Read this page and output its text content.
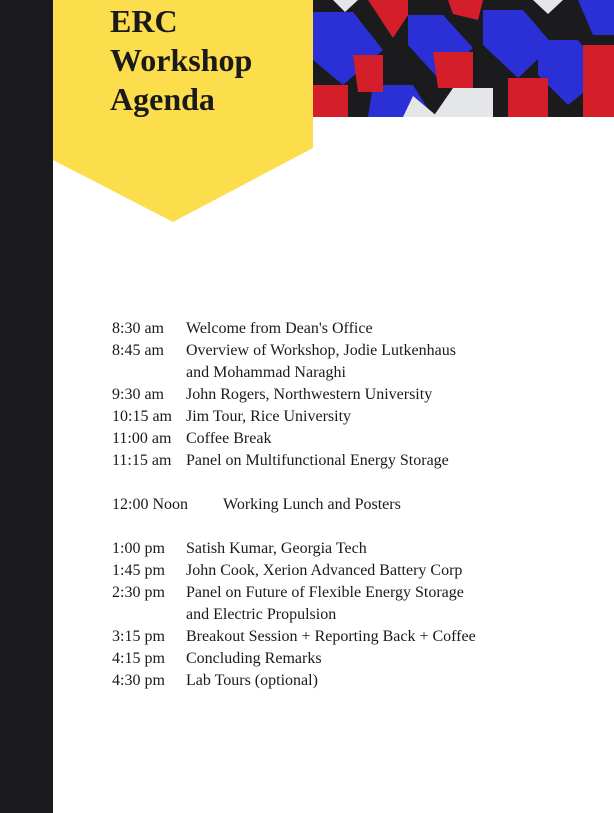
ERC
Workshop
Agenda
8:30 am	Welcome from Dean's Office
8:45 am	Overview of Workshop, Jodie Lutkenhaus
and Mohammad Naraghi
9:30 am	John Rogers, Northwestern University
10:15 am Jim Tour, Rice University
11:00 am Coffee Break
11:15 am Panel on Multifunctional Energy Storage
12:00 Noon	Working Lunch and Posters
1:00 pm	Satish Kumar, Georgia Tech
1:45 pm	John Cook, Xerion Advanced Battery Corp
2:30 pm	Panel on Future of Flexible Energy Storage
and Electric Propulsion
3:15 pm	Breakout Session + Reporting Back + Coffee
4:15 pm	Concluding Remarks
4:30 pm	Lab Tours (optional)
